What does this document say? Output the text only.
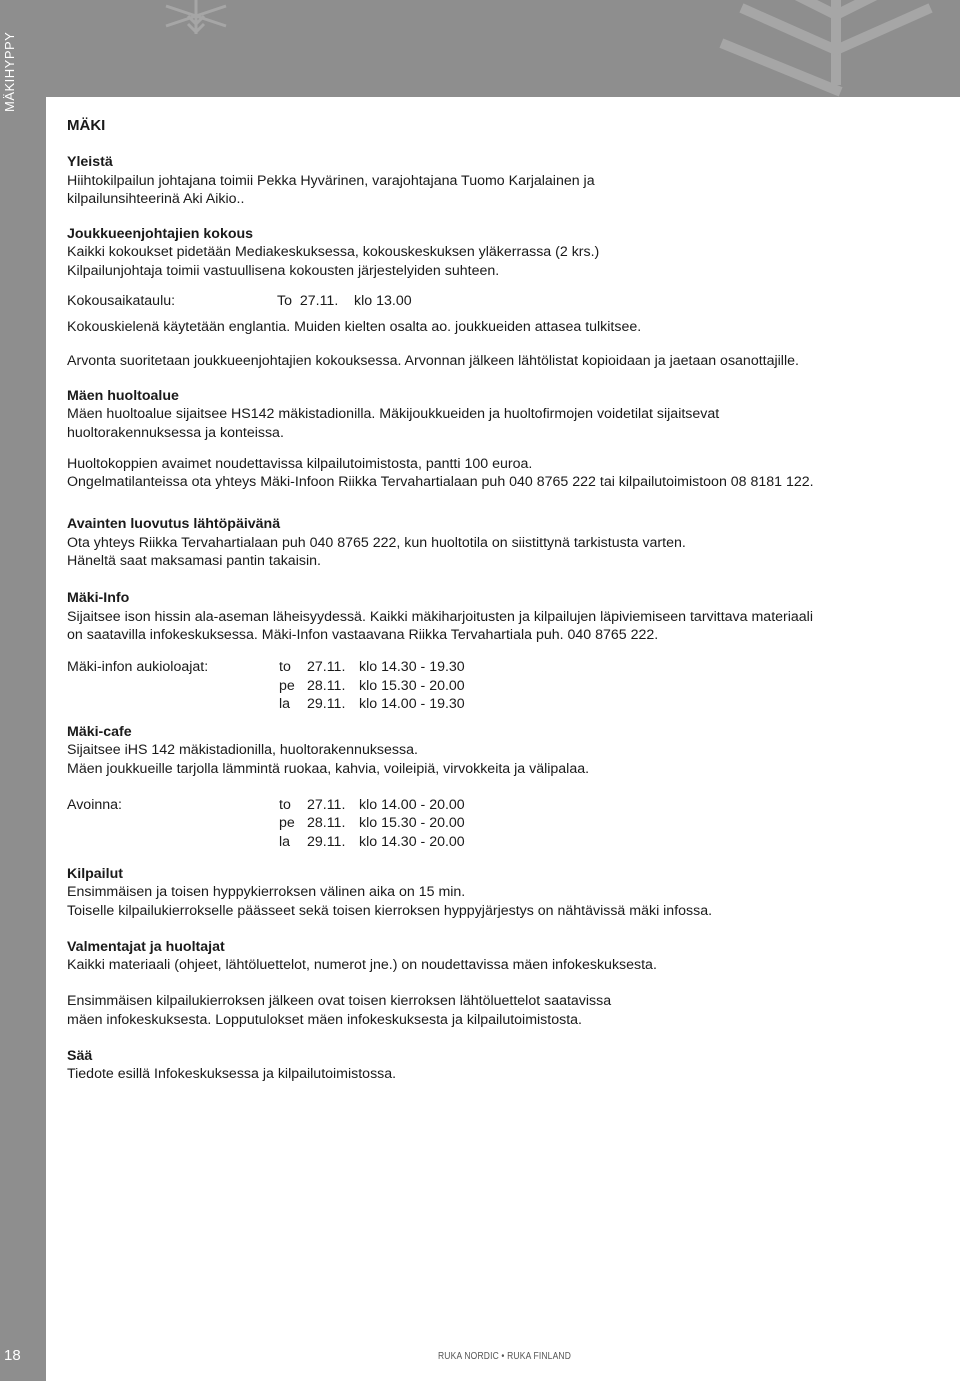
MÄKIHYPPY
MÄKI
Yleistä
Hiihtokilpailun johtajana toimii Pekka Hyvärinen, varajohtajana Tuomo Karjalainen ja
kilpailunsihteerinä Aki Aikio..
Joukkueenjohtajien kokous
Kaikki kokoukset pidetään Mediakeskuksessa, kokouskeskuksen yläkerrassa (2 krs.)
Kilpailunjohtaja toimii vastuullisena kokousten järjestelyiden suhteen.
Kokousaikataulu:	To  27.11.    klo 13.00
Kokouskielenä käytetään englantia. Muiden kielten osalta ao. joukkueiden attasea tulkitsee.
Arvonta suoritetaan joukkueenjohtajien kokouksessa. Arvonnan jälkeen lähtölistat kopioidaan ja jaetaan osanottajille.
Mäen huoltoalue
Mäen huoltoalue sijaitsee HS142 mäkistadionilla. Mäkijoukkueiden ja huoltofirmojen voidetilat sijaitsevat
huoltorakennuksessa ja konteissa.
Huoltokoppien avaimet noudettavissa kilpailutoimistosta, pantti 100 euroa.
Ongelmatilanteissa ota yhteys Mäki-Infoon Riikka Tervahartialaan puh 040 8765 222 tai kilpailutoimistoon 08 8181 122.
Avainten luovutus lähtöpäivänä
Ota yhteys Riikka Tervahartialaan puh 040 8765 222, kun huoltotila on siistittynä tarkistusta varten.
Häneltä saat maksamasi pantin takaisin.
Mäki-Info
Sijaitsee ison hissin ala-aseman läheisyydessä. Kaikki mäkiharjoitusten ja kilpailujen läpiviemiseen tarvittava materiaali
on saatavilla infokeskuksessa. Mäki-Infon vastaavana Riikka Tervahartiala puh. 040 8765 222.
Mäki-infon aukioloajat:	to	27.11.	klo 14.30 - 19.30
	pe	28.11.	klo 15.30 - 20.00
	la	29.11.	klo 14.00 - 19.30
Mäki-cafe
Sijaitsee iHS 142 mäkistadionilla, huoltorakennuksessa.
Mäen joukkueille tarjolla lämmintä ruokaa, kahvia, voileipiä, virvokkeita ja välipalaa.
Avoinna:	to	27.11.	klo 14.00 - 20.00
	pe	28.11.	klo 15.30 - 20.00
	la	29.11.	klo 14.30 - 20.00
Kilpailut
Ensimmäisen ja toisen hyppykierroksen välinen aika on 15 min.
Toiselle kilpailukierrokselle päässeet sekä toisen kierroksen hyppyjärjestys on nähtävissä mäki infossa.
Valmentajat ja huoltajat
Kaikki materiaali (ohjeet, lähtöluettelot, numerot jne.) on noudettavissa mäen infokeskuksesta.
Ensimmäisen kilpailukierroksen jälkeen ovat toisen kierroksen lähtöluettelot saatavissa
mäen infokeskuksesta. Lopputulokset mäen infokeskuksesta ja kilpailutoimistosta.
Sää
Tiedote esillä Infokeskuksessa ja kilpailutoimistossa.
18	RUKA NORDIC • RUKA FINLAND
